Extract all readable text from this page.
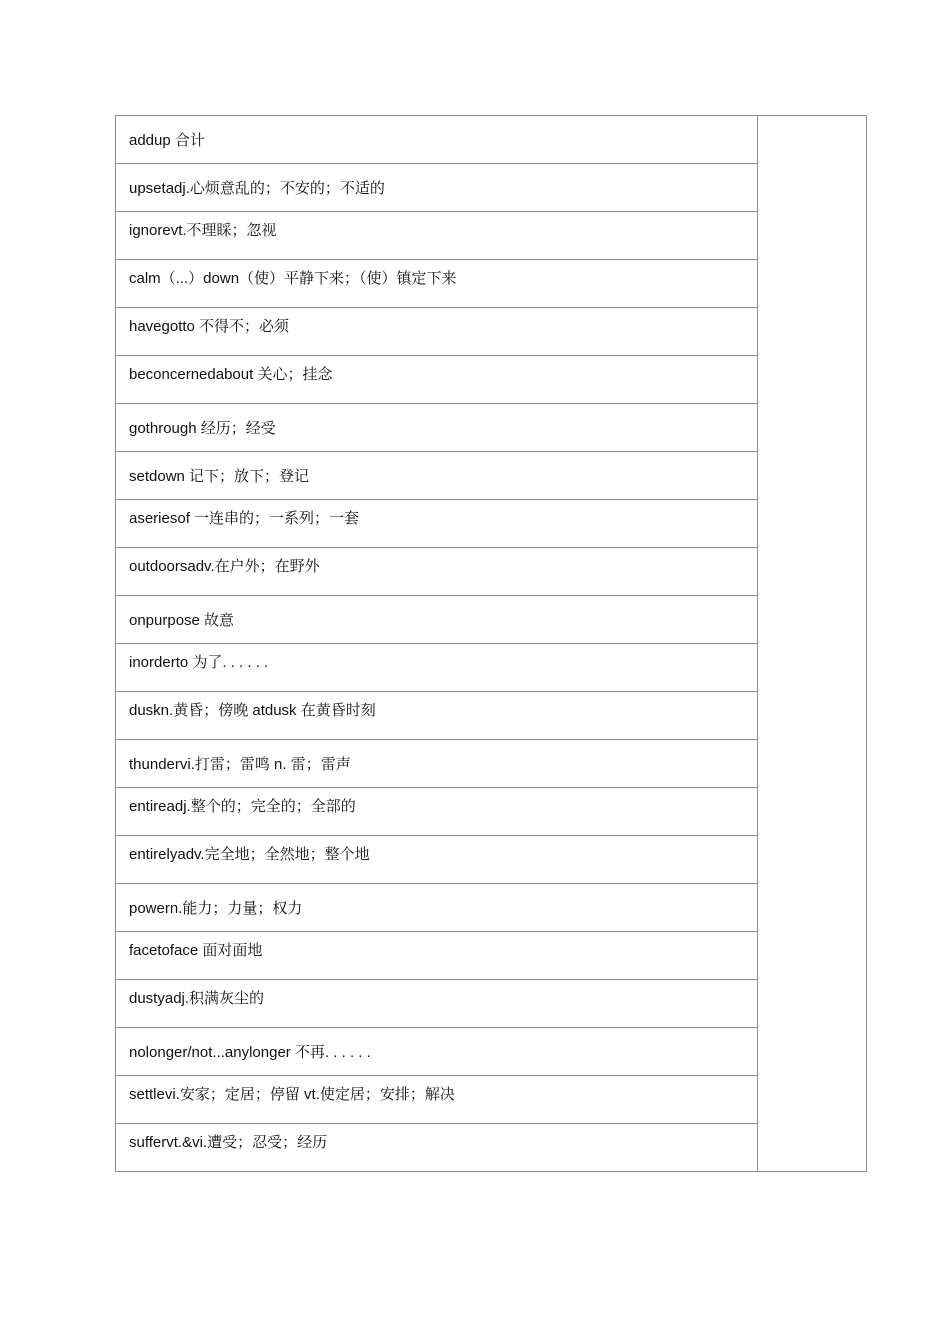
addup 合计

upsetadj.心烦意乱的；不安的；不适的

ignorevt.不理睬；忽视

calm（...）down（使）平静下来；（使）镇定下来

havegotto 不得不；必须

beconcernedabout 关心；挂念

gothrough 经历；经受

setdown 记下；放下；登记

aseriesof 一连串的；一系列；一套

outdoorsadv.在户外；在野外

onpurpose 故意

inorderto 为了. . . . . .

duskn.黄昏；傍晚 atdusk 在黄昏时刻

thundervi.打雷；雷鸣 n. 雷；雷声

entireadj.整个的；完全的；全部的

entirelyadv.完全地；全然地；整个地

powern.能力；力量；权力

facetoface 面对面地

dustyadj.积满灰尘的

nolonger/not...anylonger 不再. . . . . .

settlevi.安家；定居；停留 vt.使定居；安排；解决

suffervt.&vi.遭受；忍受；经历
